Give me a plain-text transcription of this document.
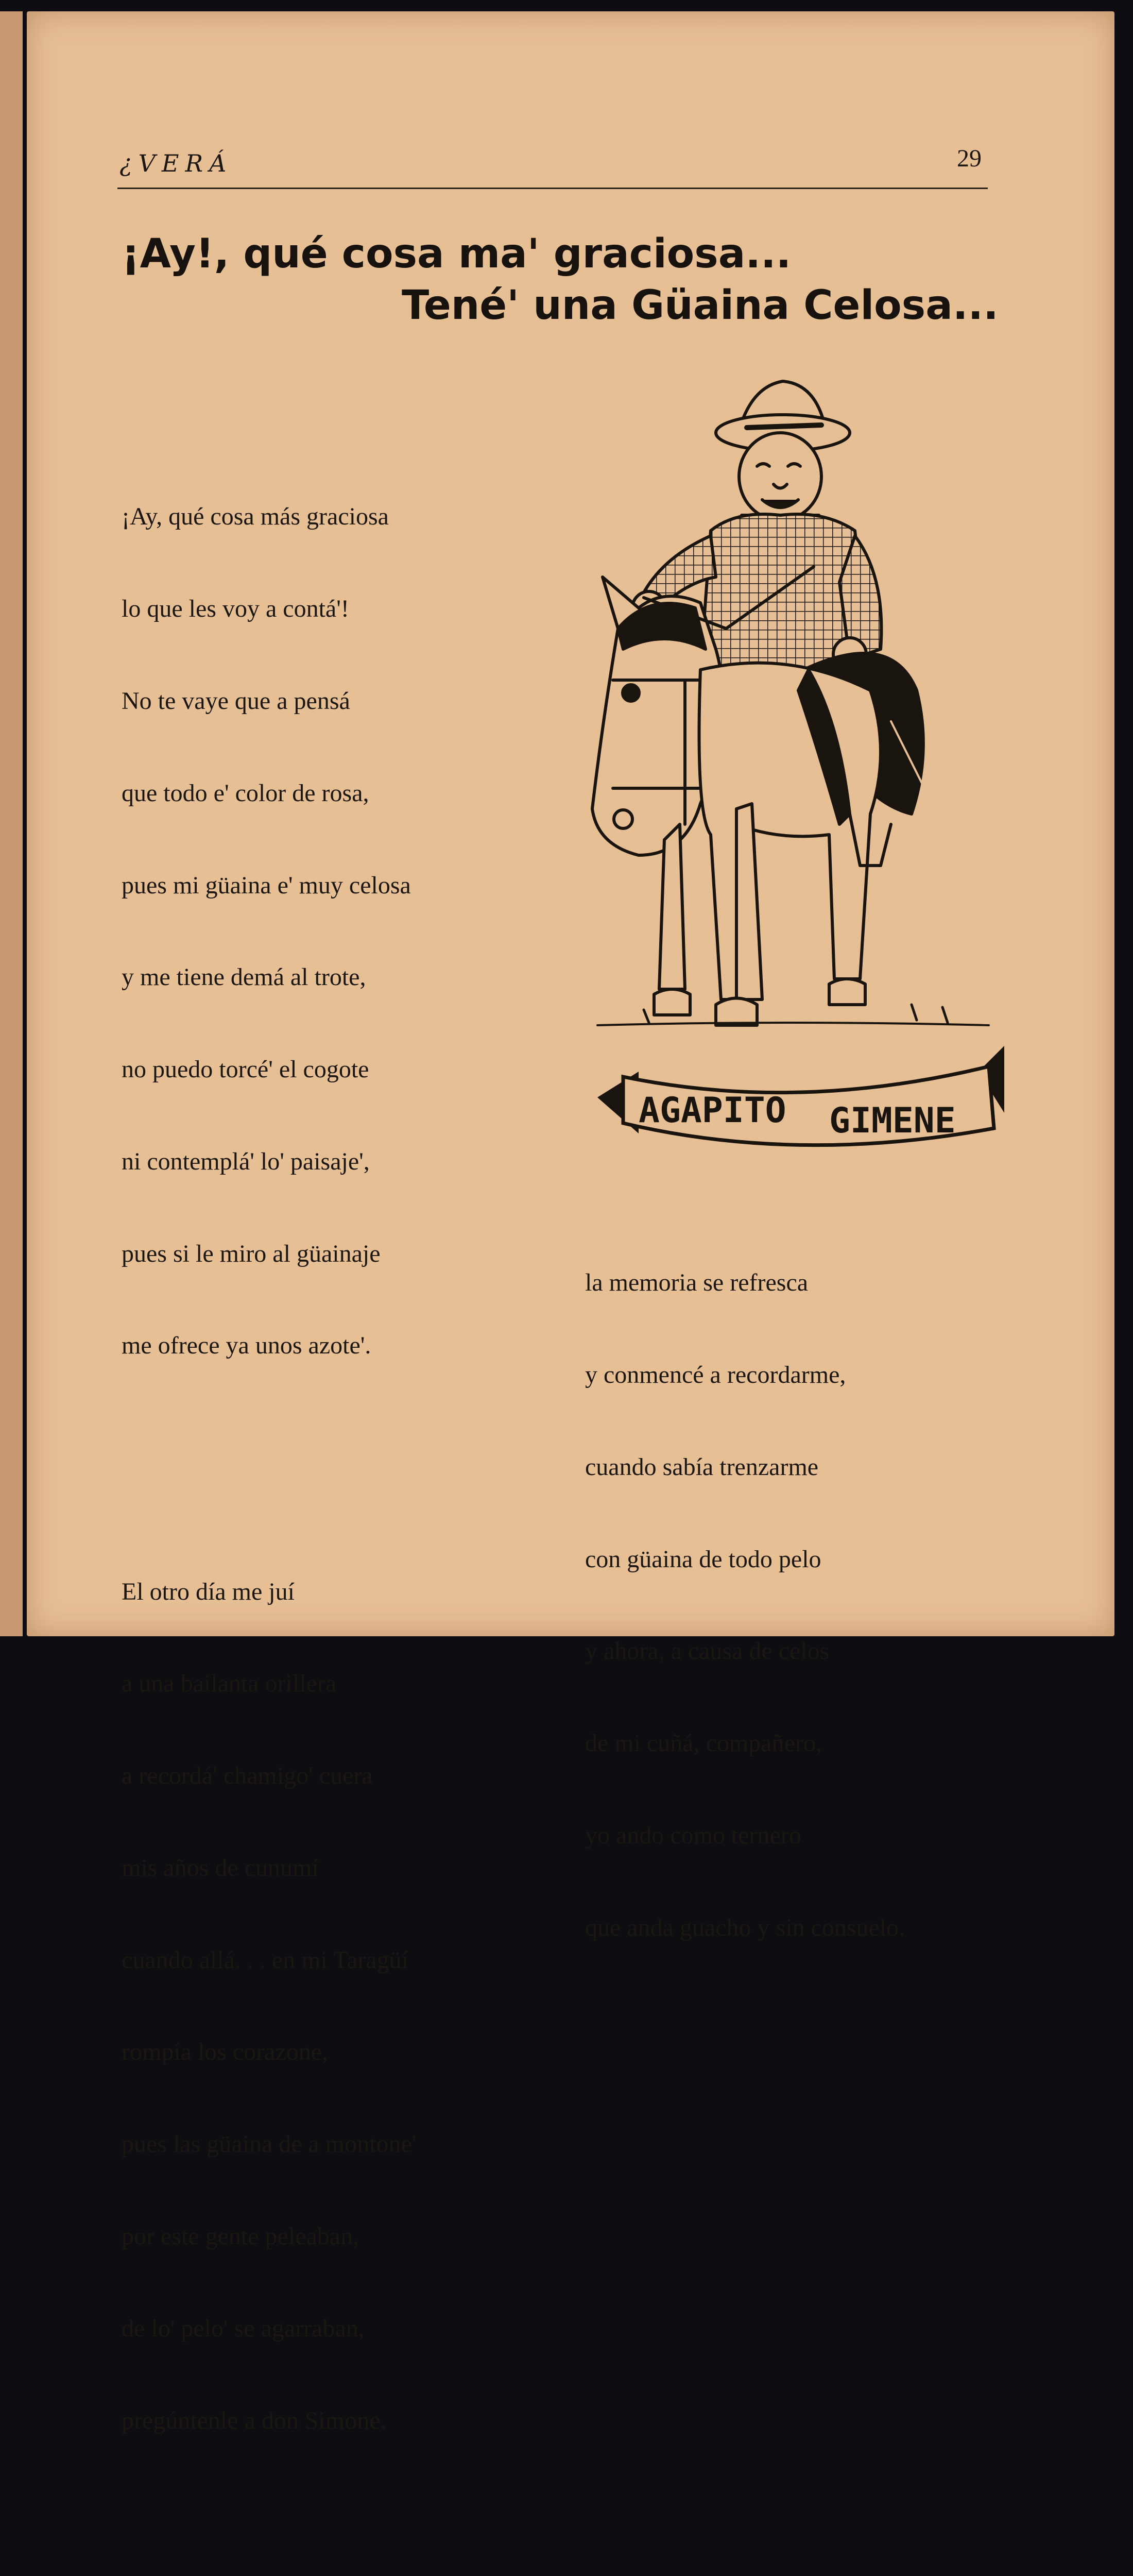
¿VERÁ	29
¡Ay!, qué cosa ma' graciosa...
Tené' una Güaina Celosa...

¡Ay, qué cosa más graciosa

lo que les voy a contá'!

No te vaye que a pensá

que todo e' color de rosa,

pues mi güaina e' muy celosa

y me tiene demá al trote,

no puedo torcé' el cogote

ni contemplá' lo' paisaje',

pues si le miro al güainaje

me ofrece ya unos azote'.

El otro día me juí

a una bailanta orillera

a recordá' chamigo' cuera

mis años de cunumí

cuando allá. . . en mi Taragüí

rompía los corazone,

pues las güaina de a montone'

por este gente peleaban,

de lo' pelo' se agarraban,

pregúntenle a don Simone.

la memoria se refresca

y conmencé a recordarme,

cuando sabía trenzarme

con güaina de todo pelo

y ahora, a causa de celos

de mi cuñá, compañero,

yo ando como ternero

que anda guacho y sin consuelo.

AGAPITO GIMENE
